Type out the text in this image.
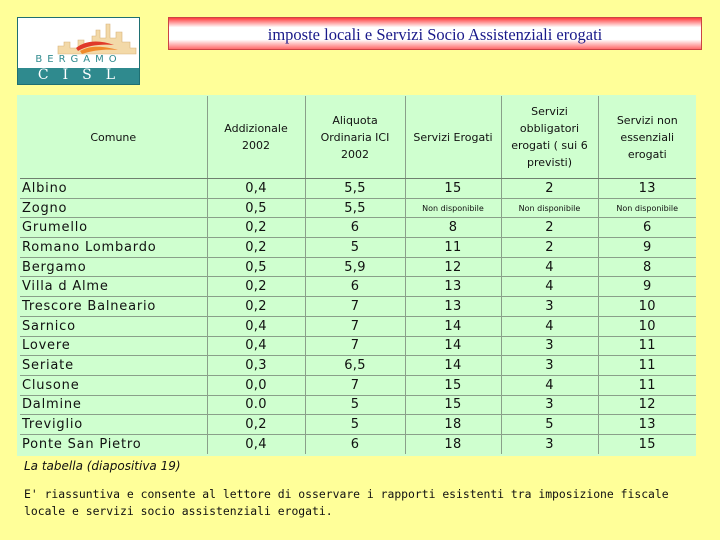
BERGAMO
CISL
imposte locali e Servizi Socio Assistenziali erogati
Comune	Addizionale 2002	Aliquota Ordinaria ICI 2002	Servizi Erogati	Servizi obbligatori erogati ( sui 6 previsti)	Servizi non essenziali erogati
Albino	0,4	5,5	15	2	13
Zogno	0,5	5,5	Non disponibile	Non disponibile	Non disponibile
Grumello	0,2	6	8	2	6
Romano Lombardo	0,2	5	11	2	9
Bergamo	0,5	5,9	12	4	8
Villa d Alme	0,2	6	13	4	9
Trescore Balneario	0,2	7	13	3	10
Sarnico	0,4	7	14	4	10
Lovere	0,4	7	14	3	11
Seriate	0,3	6,5	14	3	11
Clusone	0,0	7	15	4	11
Dalmine	0.0	5	15	3	12
Treviglio	0,2	5	18	5	13
Ponte San Pietro	0,4	6	18	3	15
La tabella (diapositiva 19)
E' riassuntiva e consente al lettore di osservare i rapporti esistenti tra imposizione fiscale locale e servizi socio assistenziali erogati.
